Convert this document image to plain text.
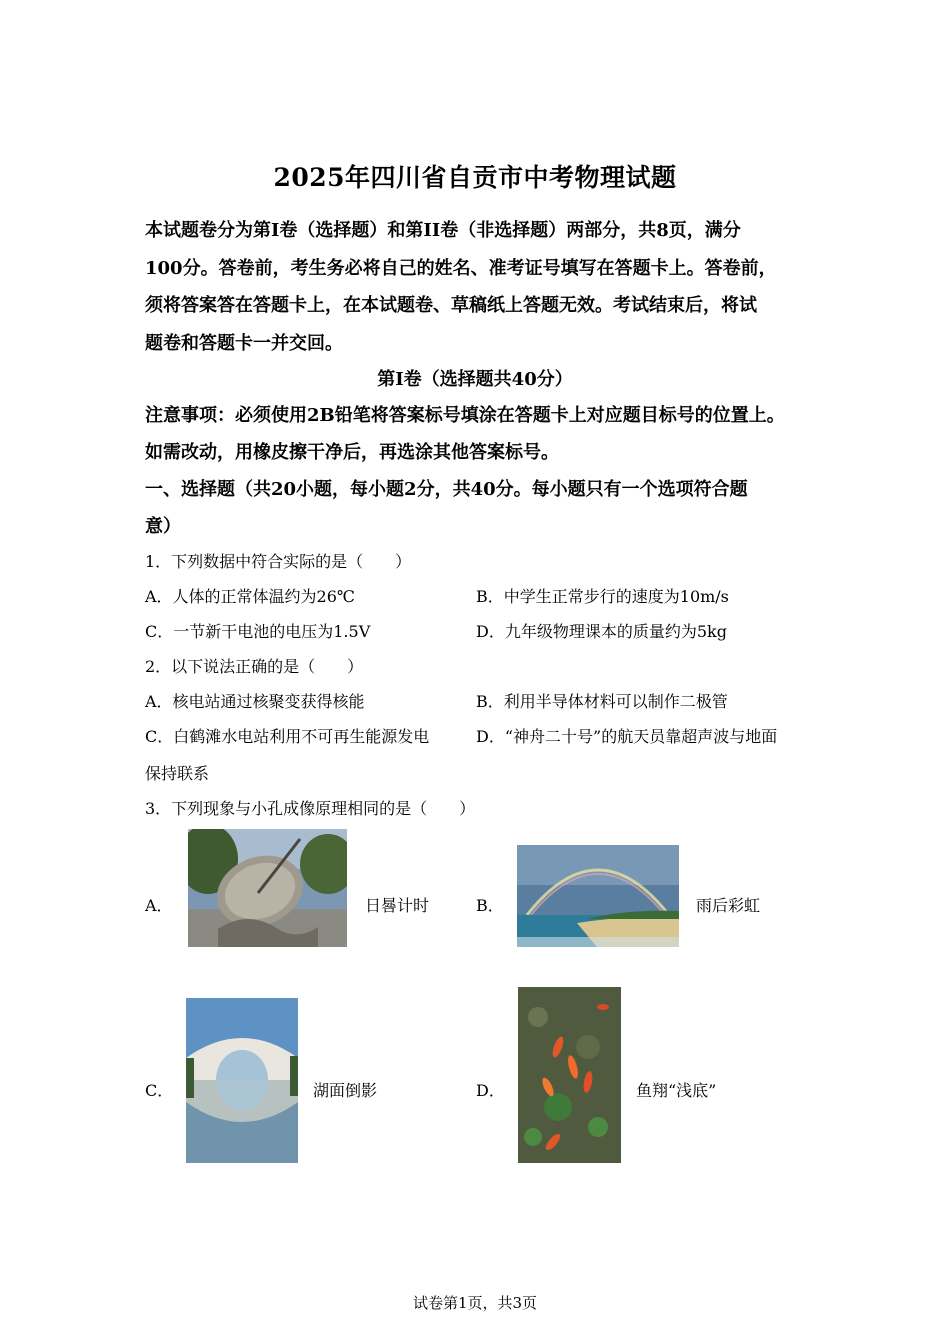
2025年四川省自贡市中考物理试题
本试题卷分为第I卷（选择题）和第II卷（非选择题）两部分，共8页，满分
100分。答卷前，考生务必将自己的姓名、准考证号填写在答题卡上。答卷前，
须将答案答在答题卡上，在本试题卷、草稿纸上答题无效。考试结束后，将试
题卷和答题卡一并交回。
第I卷（选择题共40分）
注意事项：必须使用2B铅笔将答案标号填涂在答题卡上对应题目标号的位置上。
如需改动，用橡皮擦干净后，再选涂其他答案标号。
一、选择题（共20小题，每小题2分，共40分。每小题只有一个选项符合题
意）
1．下列数据中符合实际的是（　　）
A．人体的正常体温约为26℃	B．中学生正常步行的速度为10m/s
C．一节新干电池的电压为1.5V	D．九年级物理课本的质量约为5kg
2．以下说法正确的是（　　）
A．核电站通过核聚变获得核能	B．利用半导体材料可以制作二极管
C．白鹤滩水电站利用不可再生能源发电	D．“神舟二十号”的航天员靠超声波与地面
保持联系
3．下列现象与小孔成像原理相同的是（　　）
A．	日晷计时	B．	雨后彩虹
C．	湖面倒影	D．	鱼翔“浅底”
试卷第1页，共3页
